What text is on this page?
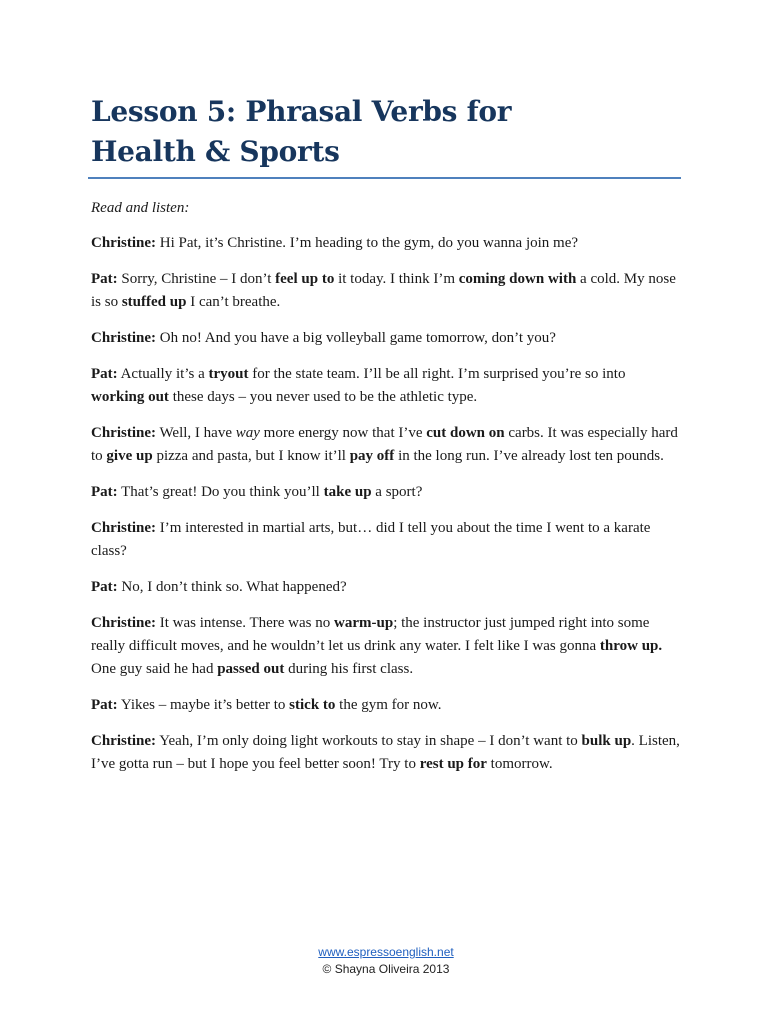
Lesson 5: Phrasal Verbs for
Health & Sports

Read and listen:

Christine: Hi Pat, it’s Christine. I’m heading to the gym, do you wanna join me?

Pat: Sorry, Christine – I don’t feel up to it today. I think I’m coming down with a cold. My nose is so stuffed up I can’t breathe.

Christine: Oh no! And you have a big volleyball game tomorrow, don’t you?

Pat: Actually it’s a tryout for the state team. I’ll be all right. I’m surprised you’re so into working out these days – you never used to be the athletic type.

Christine: Well, I have way more energy now that I’ve cut down on carbs. It was especially hard to give up pizza and pasta, but I know it’ll pay off in the long run. I’ve already lost ten pounds.

Pat: That’s great! Do you think you’ll take up a sport?

Christine: I’m interested in martial arts, but… did I tell you about the time I went to a karate class?

Pat: No, I don’t think so. What happened?

Christine: It was intense. There was no warm-up; the instructor just jumped right into some really difficult moves, and he wouldn’t let us drink any water. I felt like I was gonna throw up. One guy said he had passed out during his first class.

Pat: Yikes – maybe it’s better to stick to the gym for now.

Christine: Yeah, I’m only doing light workouts to stay in shape – I don’t want to bulk up. Listen, I’ve gotta run – but I hope you feel better soon! Try to rest up for tomorrow.

www.espressoenglish.net
© Shayna Oliveira 2013
